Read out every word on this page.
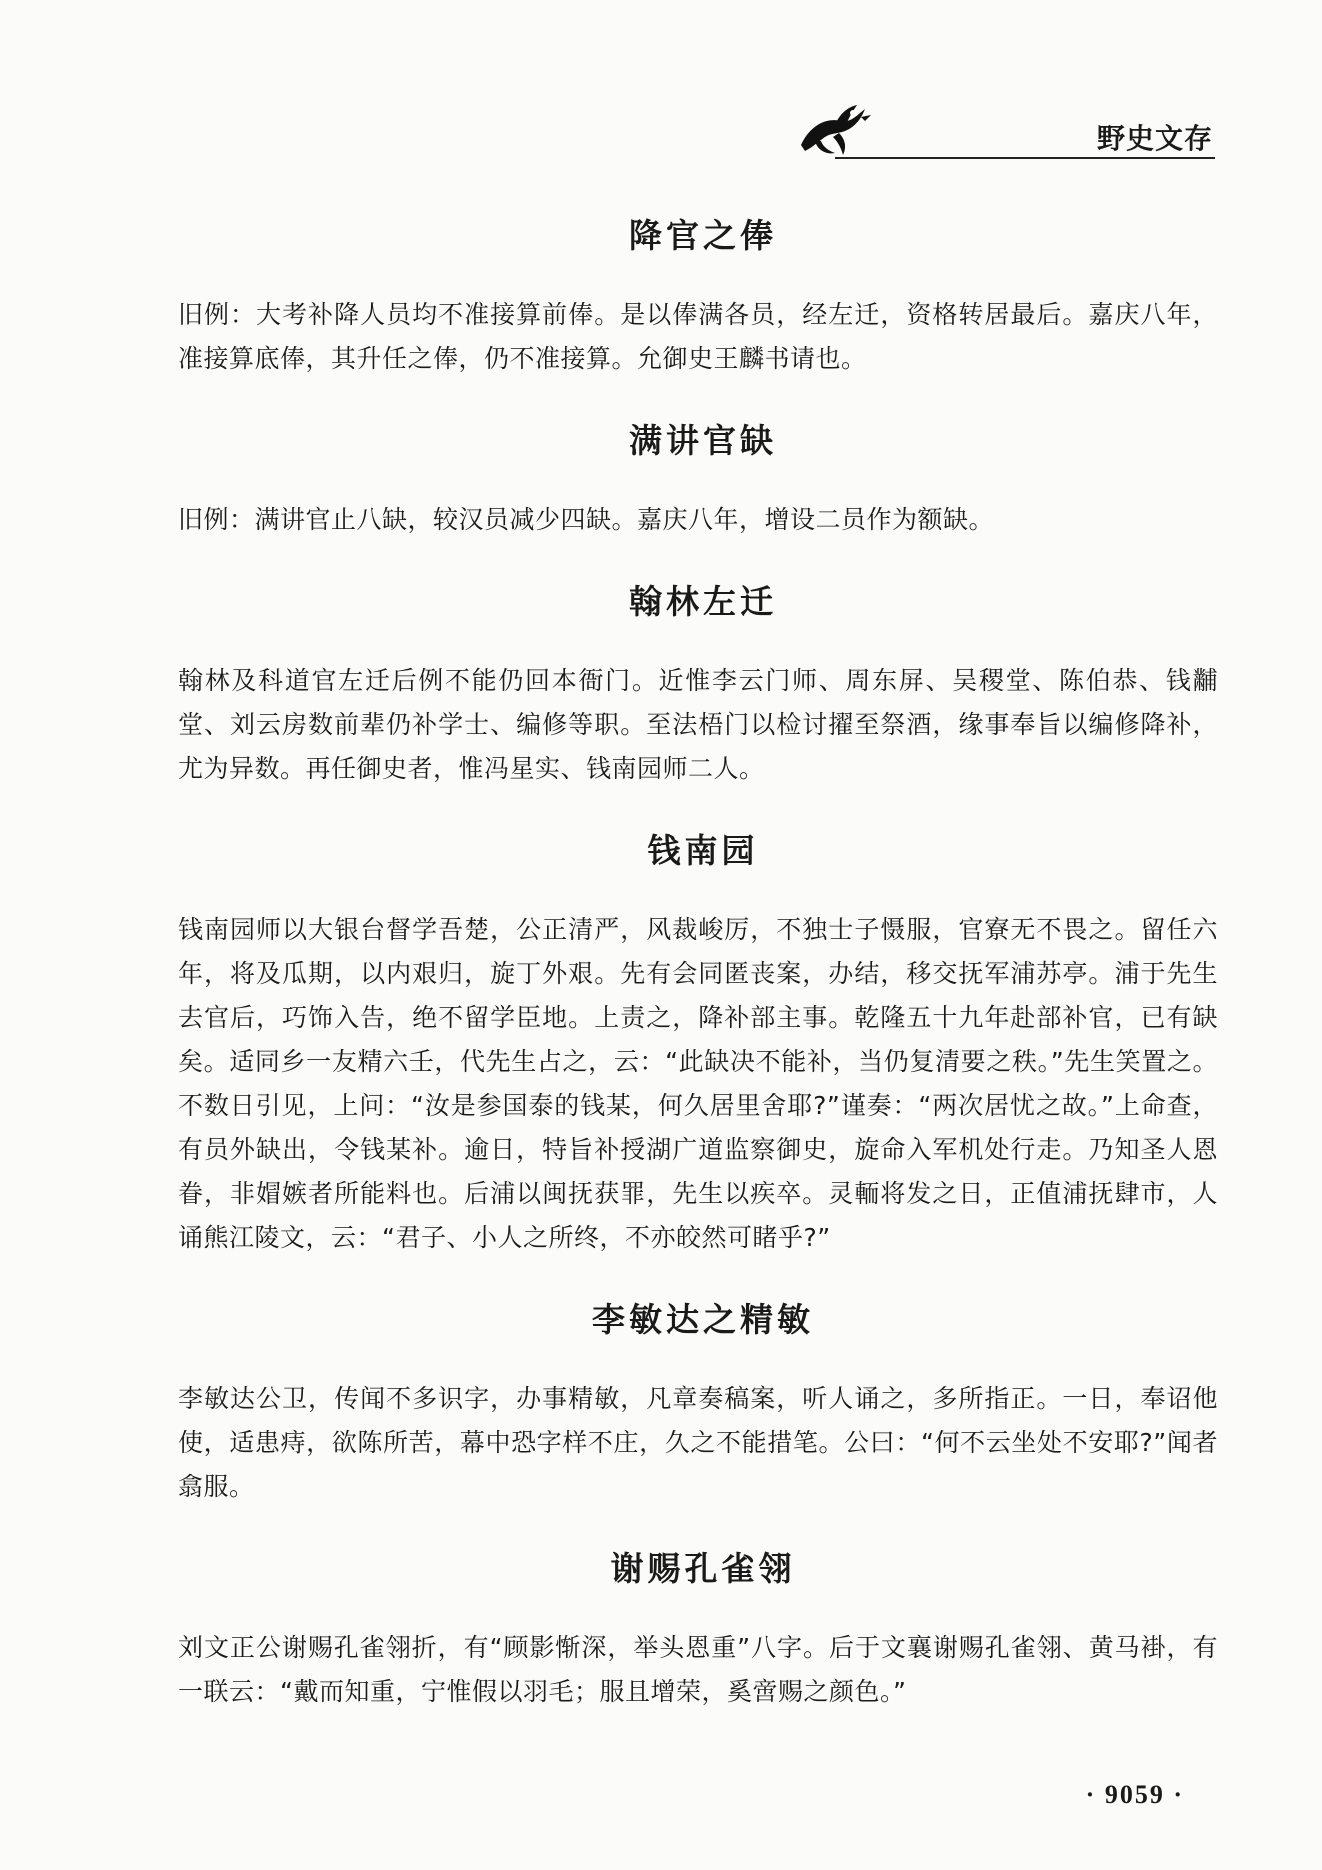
野史文存
降官之俸

旧例：大考补降人员均不准接算前俸。是以俸满各员，经左迁，资格转居最后。嘉庆八年，准接算底俸，其升任之俸，仍不准接算。允御史王麟书请也。

满讲官缺

旧例：满讲官止八缺，较汉员减少四缺。嘉庆八年，增设二员作为额缺。

翰林左迁

翰林及科道官左迁后例不能仍回本衙门。近惟李云门师、周东屏、吴稷堂、陈伯恭、钱黼堂、刘云房数前辈仍补学士、编修等职。至法梧门以检讨擢至祭酒，缘事奉旨以编修降补，尤为异数。再任御史者，惟冯星实、钱南园师二人。

钱南园

钱南园师以大银台督学吾楚，公正清严，风裁峻厉，不独士子慑服，官寮无不畏之。留任六年，将及瓜期，以内艰归，旋丁外艰。先有会同匿丧案，办结，移交抚军浦苏亭。浦于先生去官后，巧饰入告，绝不留学臣地。上责之，降补部主事。乾隆五十九年赴部补官，已有缺矣。适同乡一友精六壬，代先生占之，云：“此缺决不能补，当仍复清要之秩。”先生笑置之。不数日引见，上问：“汝是参国泰的钱某，何久居里舍耶?”谨奏：“两次居忧之故。”上命查，有员外缺出，令钱某补。逾日，特旨补授湖广道监察御史，旋命入军机处行走。乃知圣人恩眷，非媢嫉者所能料也。后浦以闽抚获罪，先生以疾卒。灵輀将发之日，正值浦抚肆市，人诵熊江陵文，云：“君子、小人之所终，不亦皎然可睹乎?”

李敏达之精敏

李敏达公卫，传闻不多识字，办事精敏，凡章奏稿案，听人诵之，多所指正。一日，奉诏他使，适患痔，欲陈所苦，幕中恐字样不庄，久之不能措笔。公曰：“何不云坐处不安耶?”闻者翕服。

谢赐孔雀翎

刘文正公谢赐孔雀翎折，有“顾影惭深，举头恩重”八字。后于文襄谢赐孔雀翎、黄马褂，有一联云：“戴而知重，宁惟假以羽毛；服且增荣，奚啻赐之颜色。”

· 9059 ·
